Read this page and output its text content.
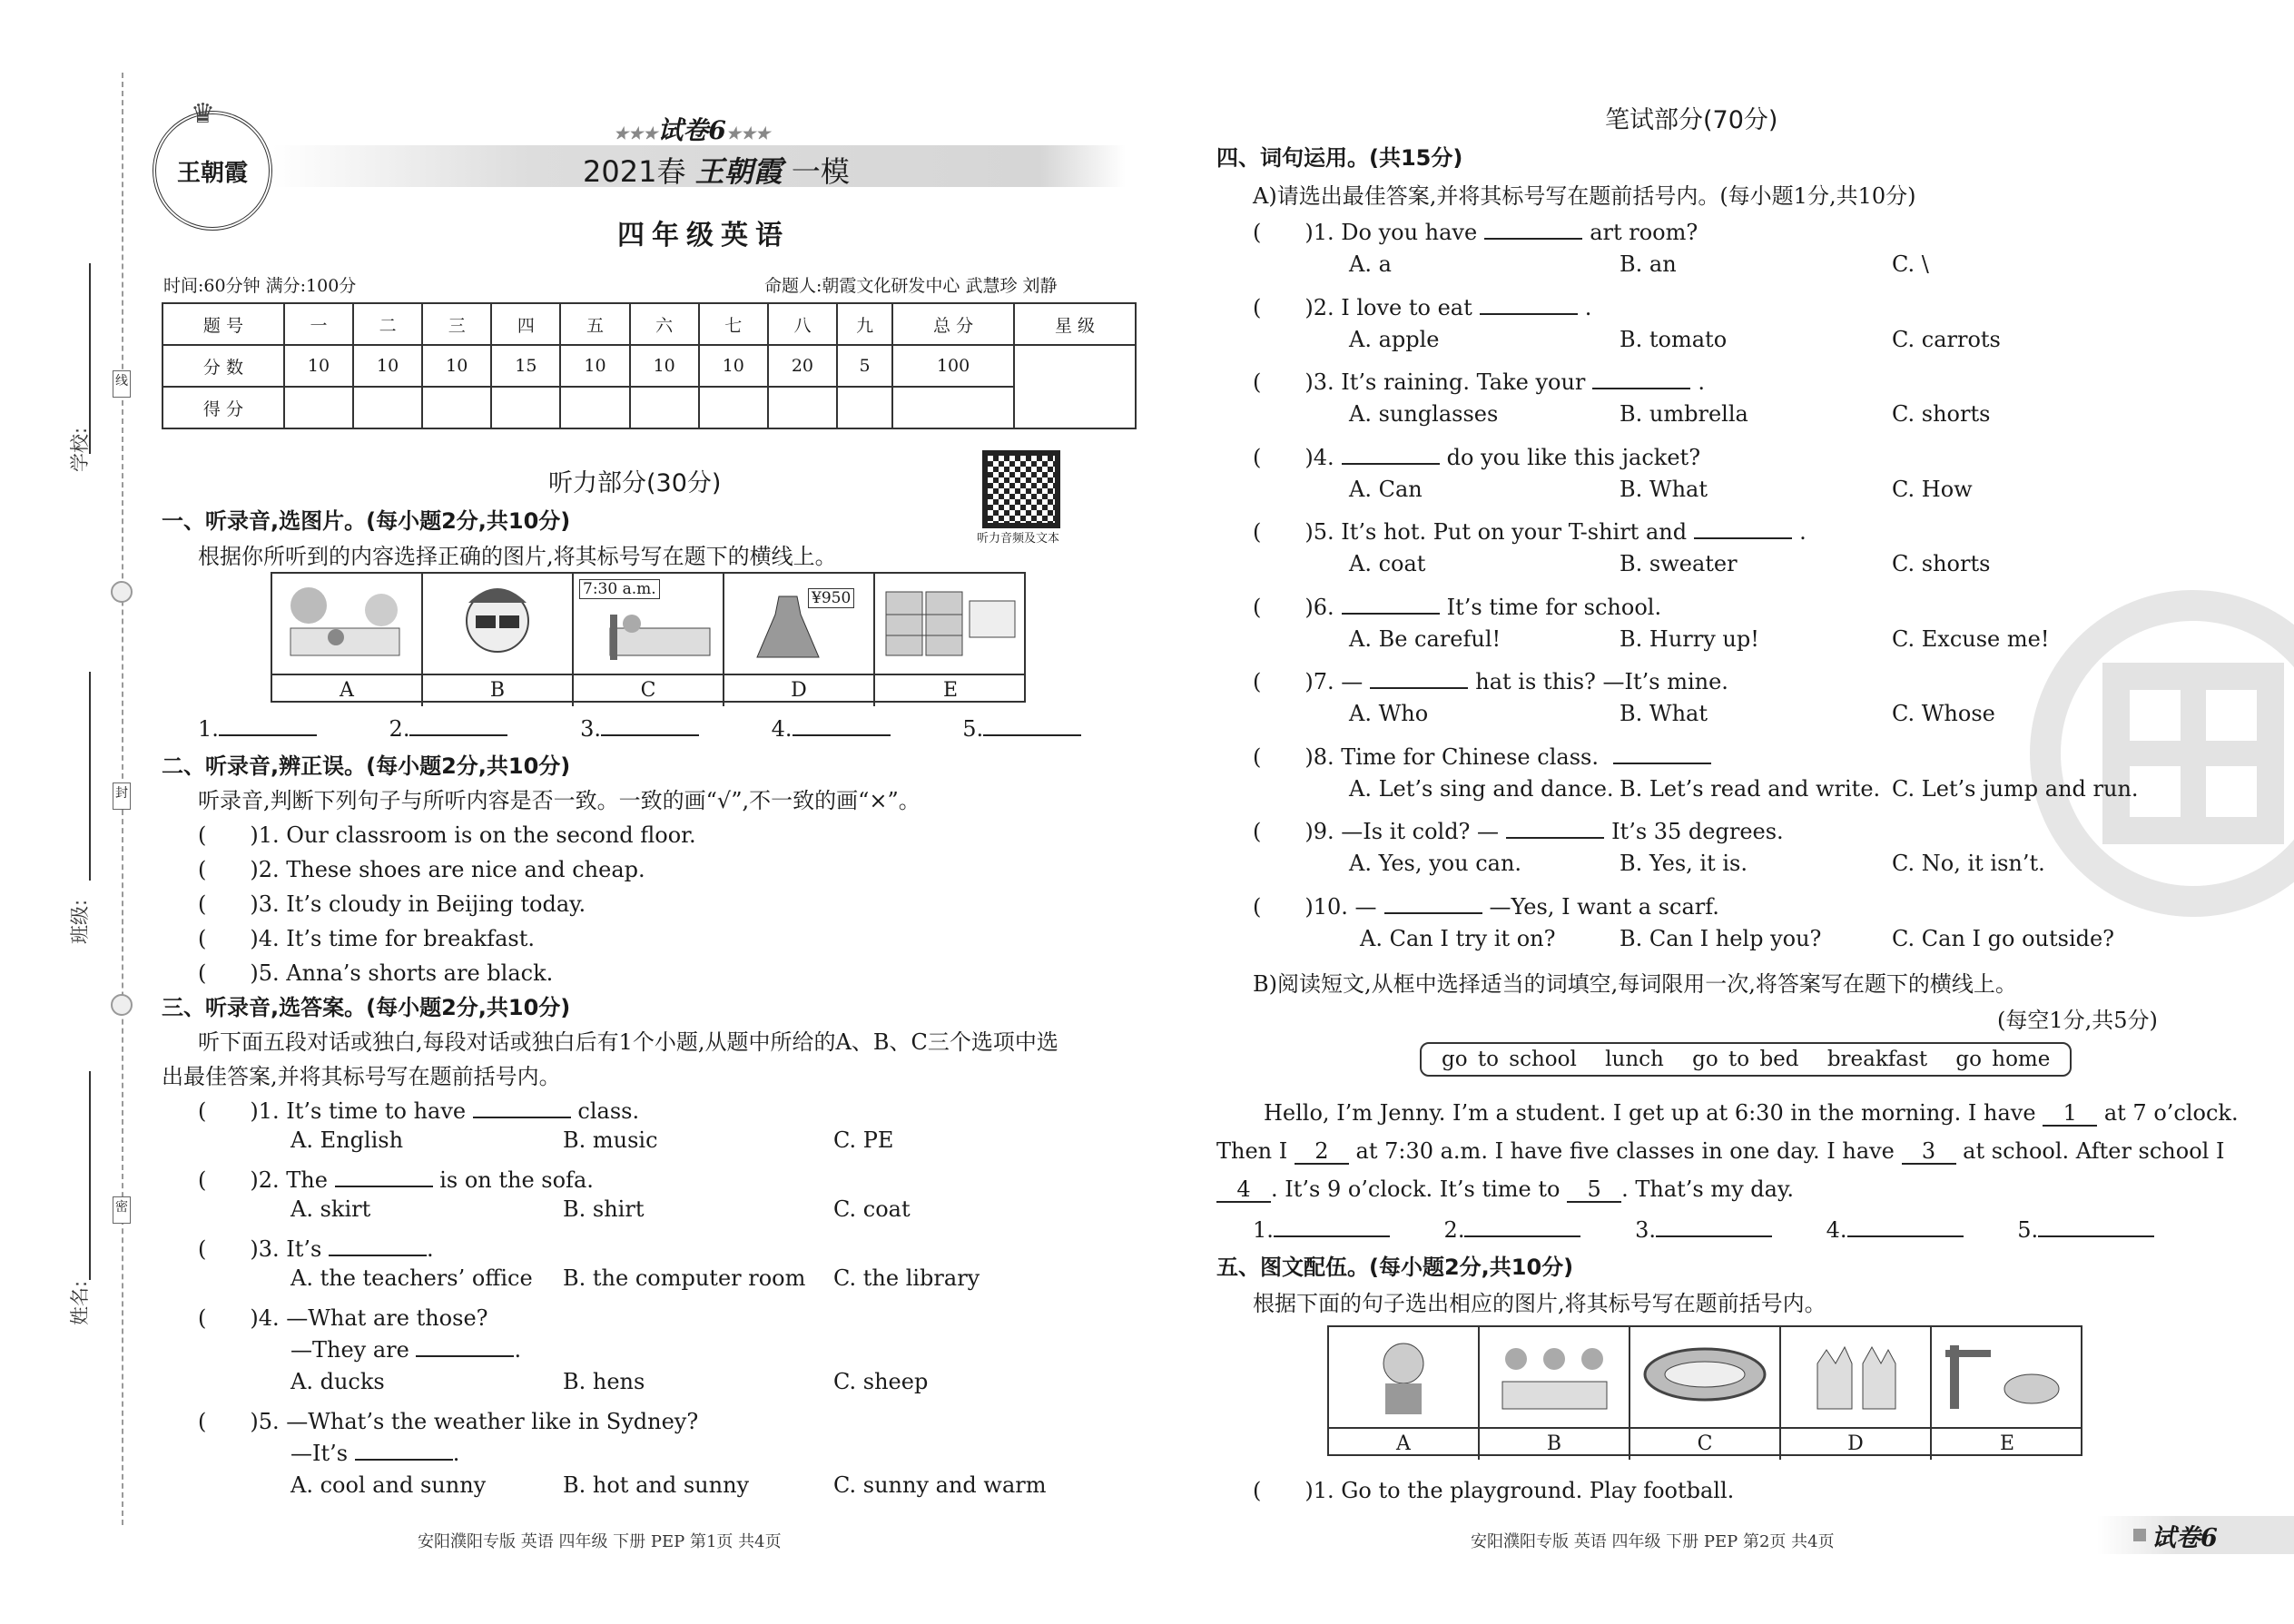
学校:
班级:
姓名:
线
封
密
王朝霞
♛
★★★试卷6★★★
2021春 王朝霞 一模
四年级英语
时间:60分钟 满分:100分	命题人:朝霞文化研发中心 武慧珍 刘静
题 号	一	二	三	四	五	六	七	八	九	总 分	星 级
分 数	10	10	10	15	10	10	10	20	5	100	
得 分											
听力部分(30分)
听力音频及文本
一、听录音,选图片。(每小题2分,共10分)
根据你所听到的内容选择正确的图片,将其标号写在题下的横线上。
7:30 a.m.	¥950
A	B	C	D	E
1.	2.	3.	4.	5.
二、听录音,辨正误。(每小题2分,共10分)
听录音,判断下列句子与所听内容是否一致。一致的画“√”,不一致的画“×”。
(　　)1. Our classroom is on the second floor.
(　　)2. These shoes are nice and cheap.
(　　)3. It’s cloudy in Beijing today.
(　　)4. It’s time for breakfast.
(　　)5. Anna’s shorts are black.
三、听录音,选答案。(每小题2分,共10分)
听下面五段对话或独白,每段对话或独白后有1个小题,从题中所给的A、B、C三个选项中选
出最佳答案,并将其标号写在题前括号内。
(　　)1. It’s time to have	class.
A. English	B. music	C. PE
(　　)2. The	is on the sofa.
A. skirt	B. shirt	C. coat
(　　)3. It’s	.
A. the teachers’ office B. the computer room C. the library
(　　)4. —What are those?
—They are	.
A. ducks	B. hens	C. sheep
(　　)5. —What’s the weather like in Sydney?
—It’s	.
A. cool and sunny	B. hot and sunny	C. sunny and warm
安阳濮阳专版 英语 四年级 下册 PEP 第1页 共4页
笔试部分(70分)
四、词句运用。(共15分)
A)请选出最佳答案,并将其标号写在题前括号内。(每小题1分,共10分)
(　　)1. Do you have	art room?
A. a	B. an	C. \
(　　)2. I love to eat	.
A. apple	B. tomato	C. carrots
(　　)3. It’s raining. Take your	.
A. sunglasses	B. umbrella	C. shorts
(　　)4.	do you like this jacket?
A. Can	B. What	C. How
(　　)5. It’s hot. Put on your T-shirt and	.
A. coat	B. sweater	C. shorts
(　　)6.	It’s time for school.
A. Be careful!	B. Hurry up!	C. Excuse me!
(　　)7. —	hat is this? —It’s mine.
A. Who	B. What	C. Whose
(　　)8. Time for Chinese class.
A. Let’s sing and dance. B. Let’s read and write. C. Let’s jump and run.
(　　)9. —Is it cold? —	It’s 35 degrees.
A. Yes, you can.	B. Yes, it is.	C. No, it isn’t.
(　　)10. —	—Yes, I want a scarf.
A. Can I try it on?	B. Can I help you?	C. Can I go outside?
B)阅读短文,从框中选择适当的词填空,每词限用一次,将答案写在题下的横线上。
(每空1分,共5分)
go to school lunch go to bed breakfast go home
Hello, I’m Jenny. I’m a student. I get up at 6:30 in the morning. I have 1 at 7 o’clock.
Then I 2 at 7:30 a.m. I have five classes in one day. I have 3 at school. After school I
4 . It’s 9 o’clock. It’s time to 5 . That’s my day.
1.	2.	3.	4.	5.
五、图文配伍。(每小题2分,共10分)
根据下面的句子选出相应的图片,将其标号写在题前括号内。
A	B	C	D	E
(　　)1. Go to the playground. Play football.
安阳濮阳专版 英语 四年级 下册 PEP 第2页 共4页	试卷6
